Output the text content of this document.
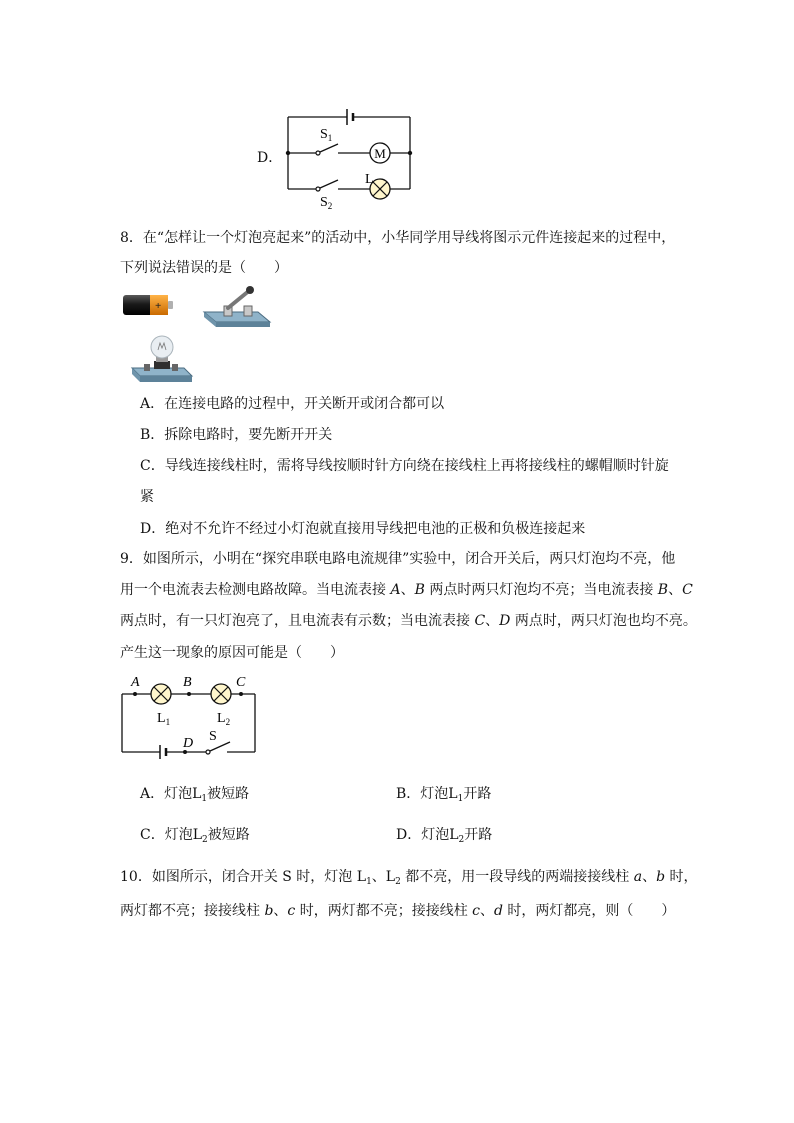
D．
$S_1$
M
L
$S_2$
8．在“怎样让一个灯泡亮起来”的活动中，小华同学用导线将图示元件连接起来的过程中，
下列说法错误的是（　　）
+
A．在连接电路的过程中，开关断开或闭合都可以
B．拆除电路时，要先断开开关
C．导线连接线柱时，需将导线按顺时针方向绕在接线柱上再将接线柱的螺帽顺时针旋
紧
D．绝对不允许不经过小灯泡就直接用导线把电池的正极和负极连接起来
9．如图所示，小明在“探究串联电路电流规律”实验中，闭合开关后，两只灯泡均不亮，他
用一个电流表去检测电路故障。当电流表接 A、B 两点时两只灯泡均不亮；当电流表接 B、C
两点时，有一只灯泡亮了，且电流表有示数；当电流表接 C、D 两点时，两只灯泡也均不亮。
产生这一现象的原因可能是（　　）
A	B	C
D
$L_1$	$L_2$
S
A．灯泡$L_1$被短路	B．灯泡$L_1$开路
C．灯泡$L_2$被短路	D．灯泡$L_2$开路
10．如图所示，闭合开关 S 时，灯泡 $L_1$、$L_2$ 都不亮，用一段导线的两端接接线柱 a、b 时，
两灯都不亮；接接线柱 b、c 时，两灯都不亮；接接线柱 c、d 时，两灯都亮，则（　　）
